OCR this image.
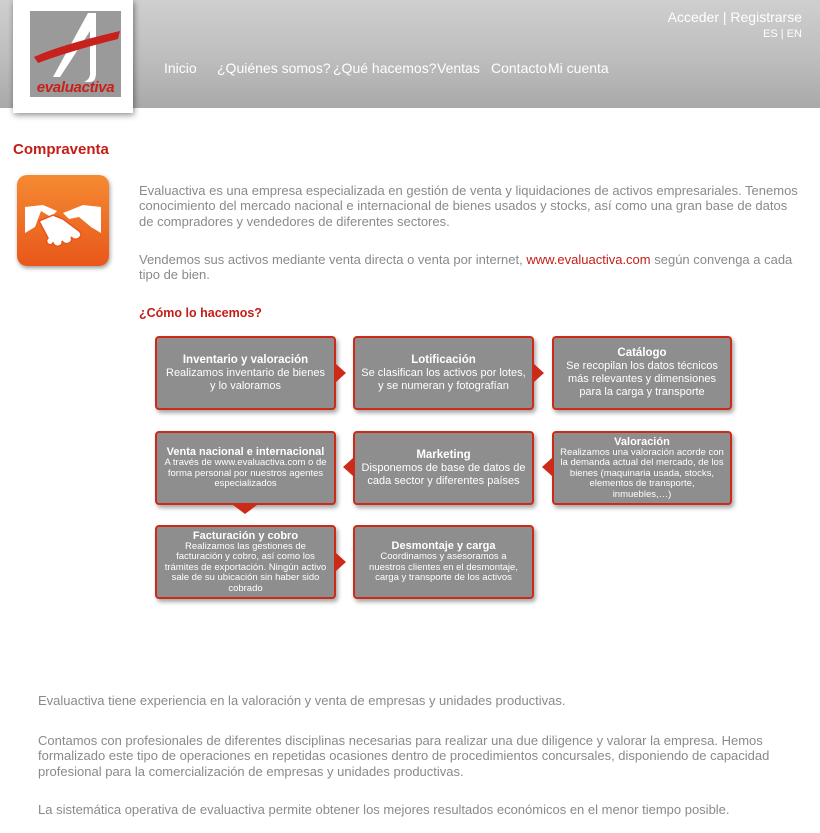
Acceder | Registrarse
ES | EN
Inicio ¿Quiénes somos? ¿Qué hacemos? Ventas Contacto Mi cuenta
evaluactiva
Compraventa

Evaluactiva es una empresa especializada en gestión de venta y liquidaciones de activos empresariales. Tenemos conocimiento del mercado nacional e internacional de bienes usados y stocks, así como una gran base de datos de compradores y vendedores de diferentes sectores.

Vendemos sus activos mediante venta directa o venta por internet, www.evaluactiva.com según convenga a cada tipo de bien.

¿Cómo lo hacemos?
Inventario y valoración
Realizamos inventario de bienes y lo valoramos
Lotificación
Se clasifican los activos por lotes, y se numeran y fotografían
Catálogo
Se recopilan los datos técnicos más relevantes y dimensiones para la carga y transporte
Valoración
Realizamos una valoración acorde con la demanda actual del mercado, de los bienes (maquinaria usada, stocks, elementos de transporte, inmuebles,…)
Marketing
Disponemos de base de datos de cada sector y diferentes países
Venta nacional e internacional
A través de www.evaluactiva.com o de forma personal por nuestros agentes especializados
Facturación y cobro
Realizamos las gestiones de facturación y cobro, así como los trámites de exportación. Ningún activo sale de su ubicación sin haber sido cobrado
Desmontaje y carga
Coordinamos y asesoramos a nuestros clientes en el desmontaje, carga y transporte de los activos

Evaluactiva tiene experiencia en la valoración y venta de empresas y unidades productivas.

Contamos con profesionales de diferentes disciplinas necesarias para realizar una due diligence y valorar la empresa. Hemos formalizado este tipo de operaciones en repetidas ocasiones dentro de procedimientos concursales, disponiendo de capacidad profesional para la comercialización de empresas y unidades productivas.

La sistemática operativa de evaluactiva permite obtener los mejores resultados económicos en el menor tiempo posible.
